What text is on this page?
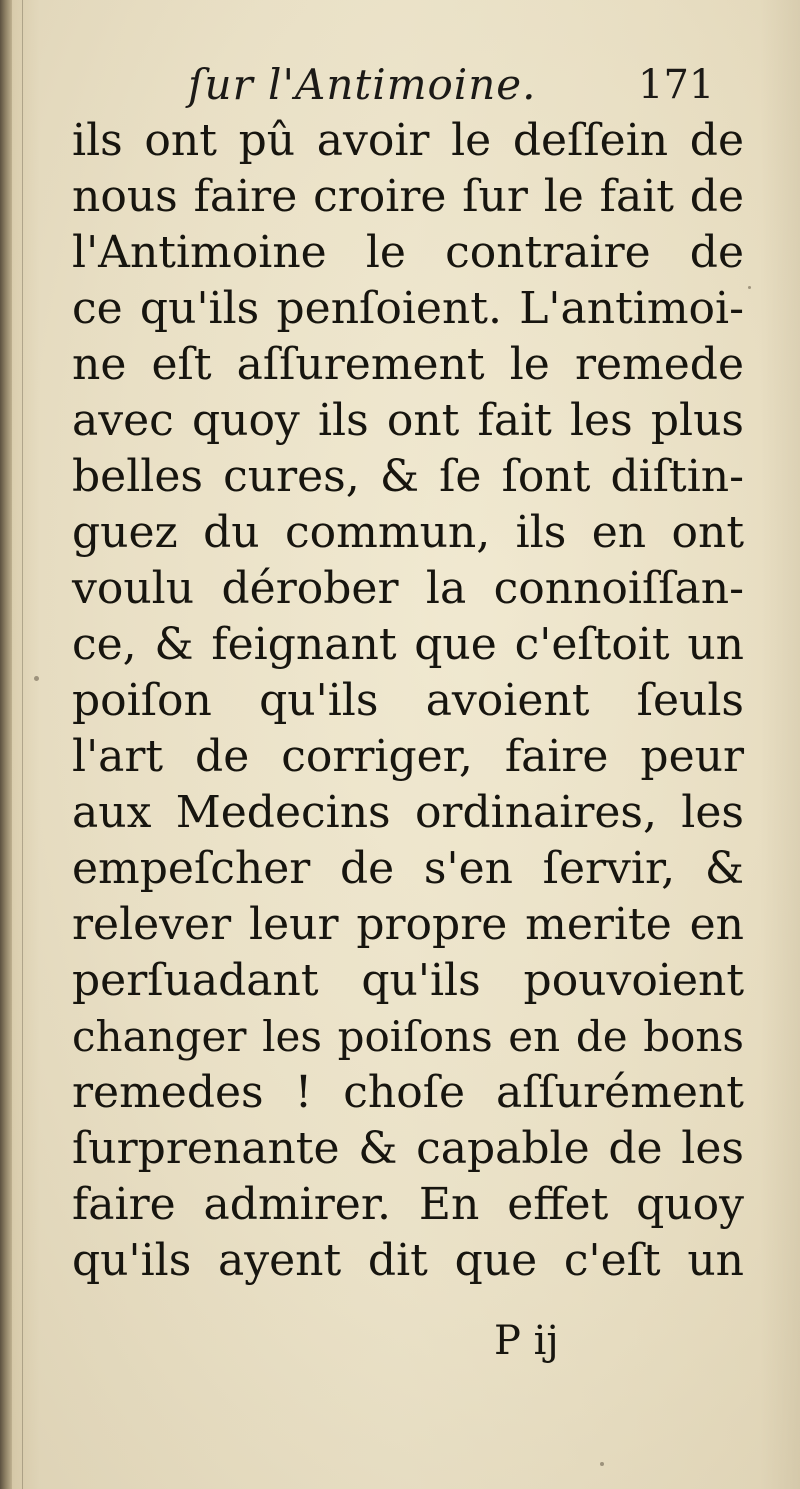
ſur l'Antimoine.	171
ils ont pû avoir le deſſein de
nous faire croire ſur le fait de
l'Antimoine le contraire de
ce qu'ils penſoient. L'antimoi-
ne eſt aſſurement le remede
avec quoy ils ont fait les plus
belles cures, & ſe ſont diſtin-
guez du commun, ils en ont
voulu dérober la connoiſſan-
ce, & feignant que c'eſtoit un
poiſon qu'ils avoient ſeuls
l'art de corriger, faire peur
aux Medecins ordinaires, les
empeſcher de s'en ſervir, &
relever leur propre merite en
perſuadant qu'ils pouvoient
changer les poiſons en de bons
remedes ! choſe aſſurément
ſurprenante & capable de les
faire admirer. En effet quoy
qu'ils ayent dit que c'eſt un
P ij
